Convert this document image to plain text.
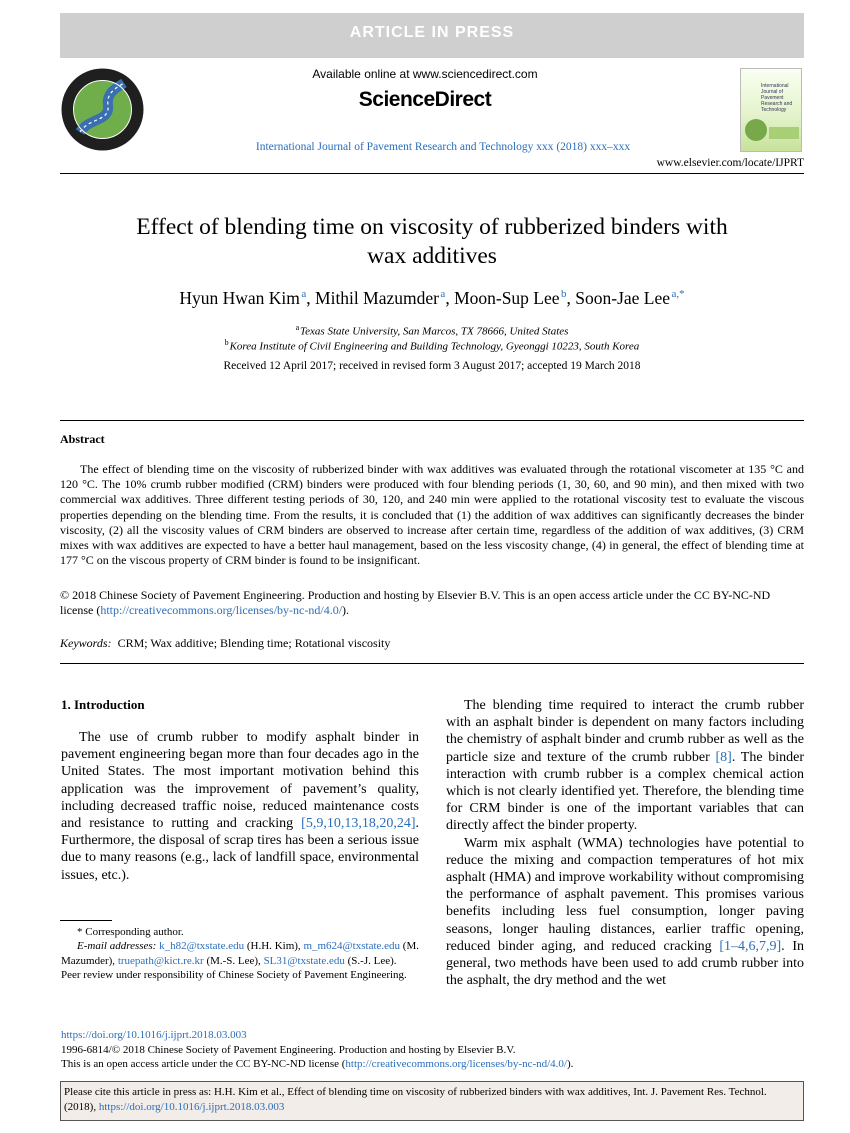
ARTICLE IN PRESS
Available online at www.sciencedirect.com
ScienceDirect
International Journal of Pavement Research and Technology xxx (2018) xxx–xxx
International Journal of Pavement Research and Technology
www.elsevier.com/locate/IJPRT
Effect of blending time on viscosity of rubberized binders with
wax additives
Hyun Hwan Kim $^a$, Mithil Mazumder $^a$, Moon-Sup Lee $^b$, Soon-Jae Lee $^{a,*}$
$^a$ Texas State University, San Marcos, TX 78666, United States
$^b$ Korea Institute of Civil Engineering and Building Technology, Gyeonggi 10223, South Korea
Received 12 April 2017; received in revised form 3 August 2017; accepted 19 March 2018
Abstract

The effect of blending time on the viscosity of rubberized binder with wax additives was evaluated through the rotational viscometer at 135 °C and 120 °C. The 10% crumb rubber modified (CRM) binders were produced with four blending periods (1, 30, 60, and 90 min), and then mixed with two commercial wax additives. Three different testing periods of 30, 120, and 240 min were applied to the rotational viscosity test to evaluate the viscous properties depending on the blending time. From the results, it is concluded that (1) the addition of wax additives can significantly decreases the binder viscosity, (2) all the viscosity values of CRM binders are observed to increase after certain time, regardless of the addition of wax additives, (3) CRM mixes with wax additives are expected to have a better haul management, based on the less viscosity change, (4) in general, the effect of blending time at 177 °C on the viscous property of CRM binder is found to be insignificant.

© 2018 Chinese Society of Pavement Engineering. Production and hosting by Elsevier B.V. This is an open access article under the CC BY-NC-ND license (http://creativecommons.org/licenses/by-nc-nd/4.0/).
Keywords: CRM; Wax additive; Blending time; Rotational viscosity
1. Introduction

The use of crumb rubber to modify asphalt binder in pavement engineering began more than four decades ago in the United States. The most important motivation behind this application was the improvement of pavement’s quality, including decreased traffic noise, reduced maintenance costs and resistance to rutting and cracking [5,9,10,13,18,20,24]. Furthermore, the disposal of scrap tires has been a serious issue due to many reasons (e.g., lack of landfill space, environmental issues, etc.).

The blending time required to interact the crumb rubber with an asphalt binder is dependent on many factors including the chemistry of asphalt binder and crumb rubber as well as the particle size and texture of the crumb rubber [8]. The binder interaction with crumb rubber is a complex chemical action which is not clearly identified yet. Therefore, the blending time for CRM binder is one of the important variables that can directly affect the binder property.

Warm mix asphalt (WMA) technologies have potential to reduce the mixing and compaction temperatures of hot mix asphalt (HMA) and improve workability without compromising the performance of asphalt pavement. This promises various benefits including less fuel consumption, longer paving seasons, longer hauling distances, earlier traffic opening, reduced binder aging, and reduced cracking [1–4,6,7,9]. In general, two methods have been used to add crumb rubber into the asphalt, the dry method and the wet

* Corresponding author.
E-mail addresses: k_h82@txstate.edu (H.H. Kim), m_m624@txstate.edu (M. Mazumder), truepath@kict.re.kr (M.-S. Lee), SL31@txstate.edu (S.-J. Lee).
Peer review under responsibility of Chinese Society of Pavement Engineering.
https://doi.org/10.1016/j.ijprt.2018.03.003
1996-6814/© 2018 Chinese Society of Pavement Engineering. Production and hosting by Elsevier B.V.
This is an open access article under the CC BY-NC-ND license (http://creativecommons.org/licenses/by-nc-nd/4.0/).
Please cite this article in press as: H.H. Kim et al., Effect of blending time on viscosity of rubberized binders with wax additives, Int. J. Pavement Res. Technol. (2018), https://doi.org/10.1016/j.ijprt.2018.03.003
